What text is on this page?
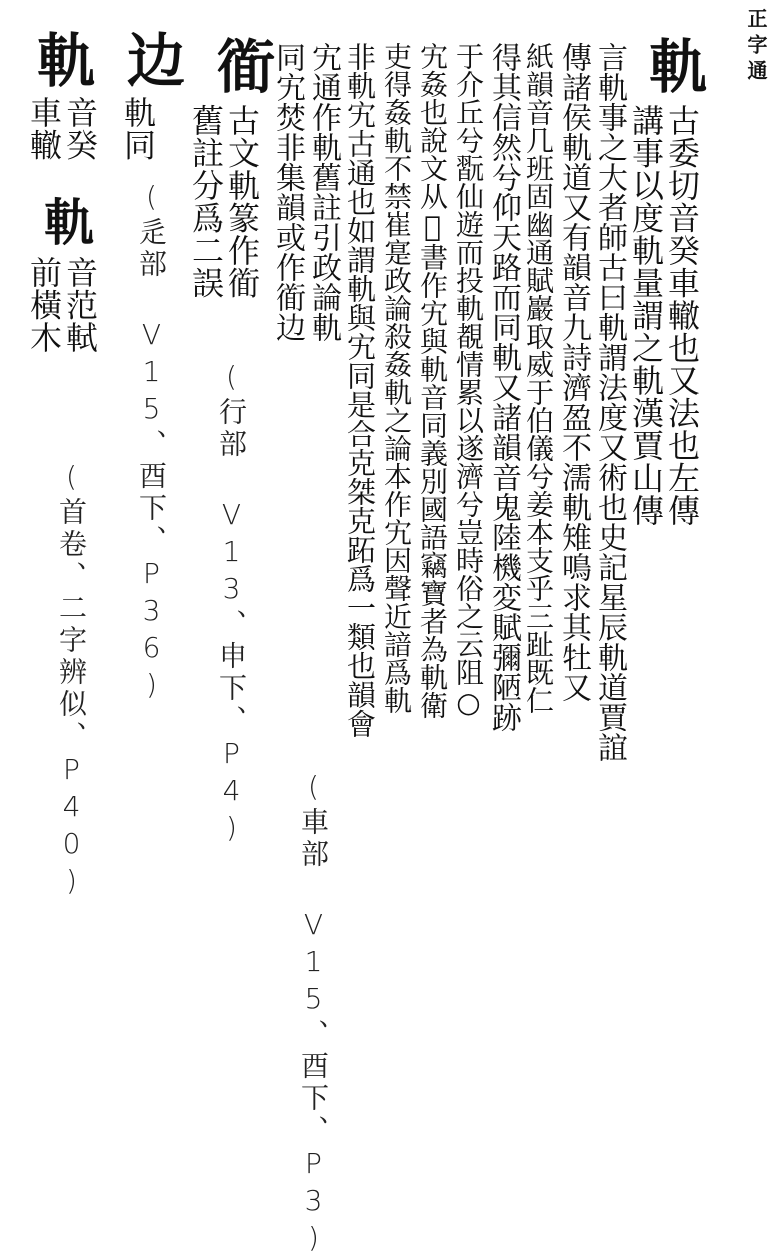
正字通
軌
古委切音癸車轍也又法也左傳
講事以度軌量謂之軌漢賈山傳
言軌事之大者師古曰軌謂法度又術也史記星辰軌道賈誼
傳諸侯軌道又有韻音九詩濟盈不濡軌雉鳴求其牡又
紙韻音几班固幽通賦巖取威于伯儀兮姜本支乎三趾既仁
得其信然兮仰天路而同軌又諸韻音鬼陸機変賦彌陋跡
于介丘兮翫仙遊而投軌覩情累以遂濟兮豈時俗之云阻○
宄姦也說文从𡧐書作宄與軌音同義別國語竊寶者為軌衛
吏得姦軌不禁崔寔政論殺姦軌之論本作宄因聲近諳爲軌
非軌宄古通也如謂軌與宄同是合克桀克跖爲一類也韻會
宄通作軌舊註引政論軌
同宄焚非集韻或作衜边
(車部 V15、酉下、P3)
衜
古文軌篆作衜
舊註分爲二誤
(行部 V13、申下、P4)
边
軌同
(辵部 V15、酉下、P36)
軌
音癸
車轍
軌
音范軾
前橫木
(首卷、二字辨似、P40)
